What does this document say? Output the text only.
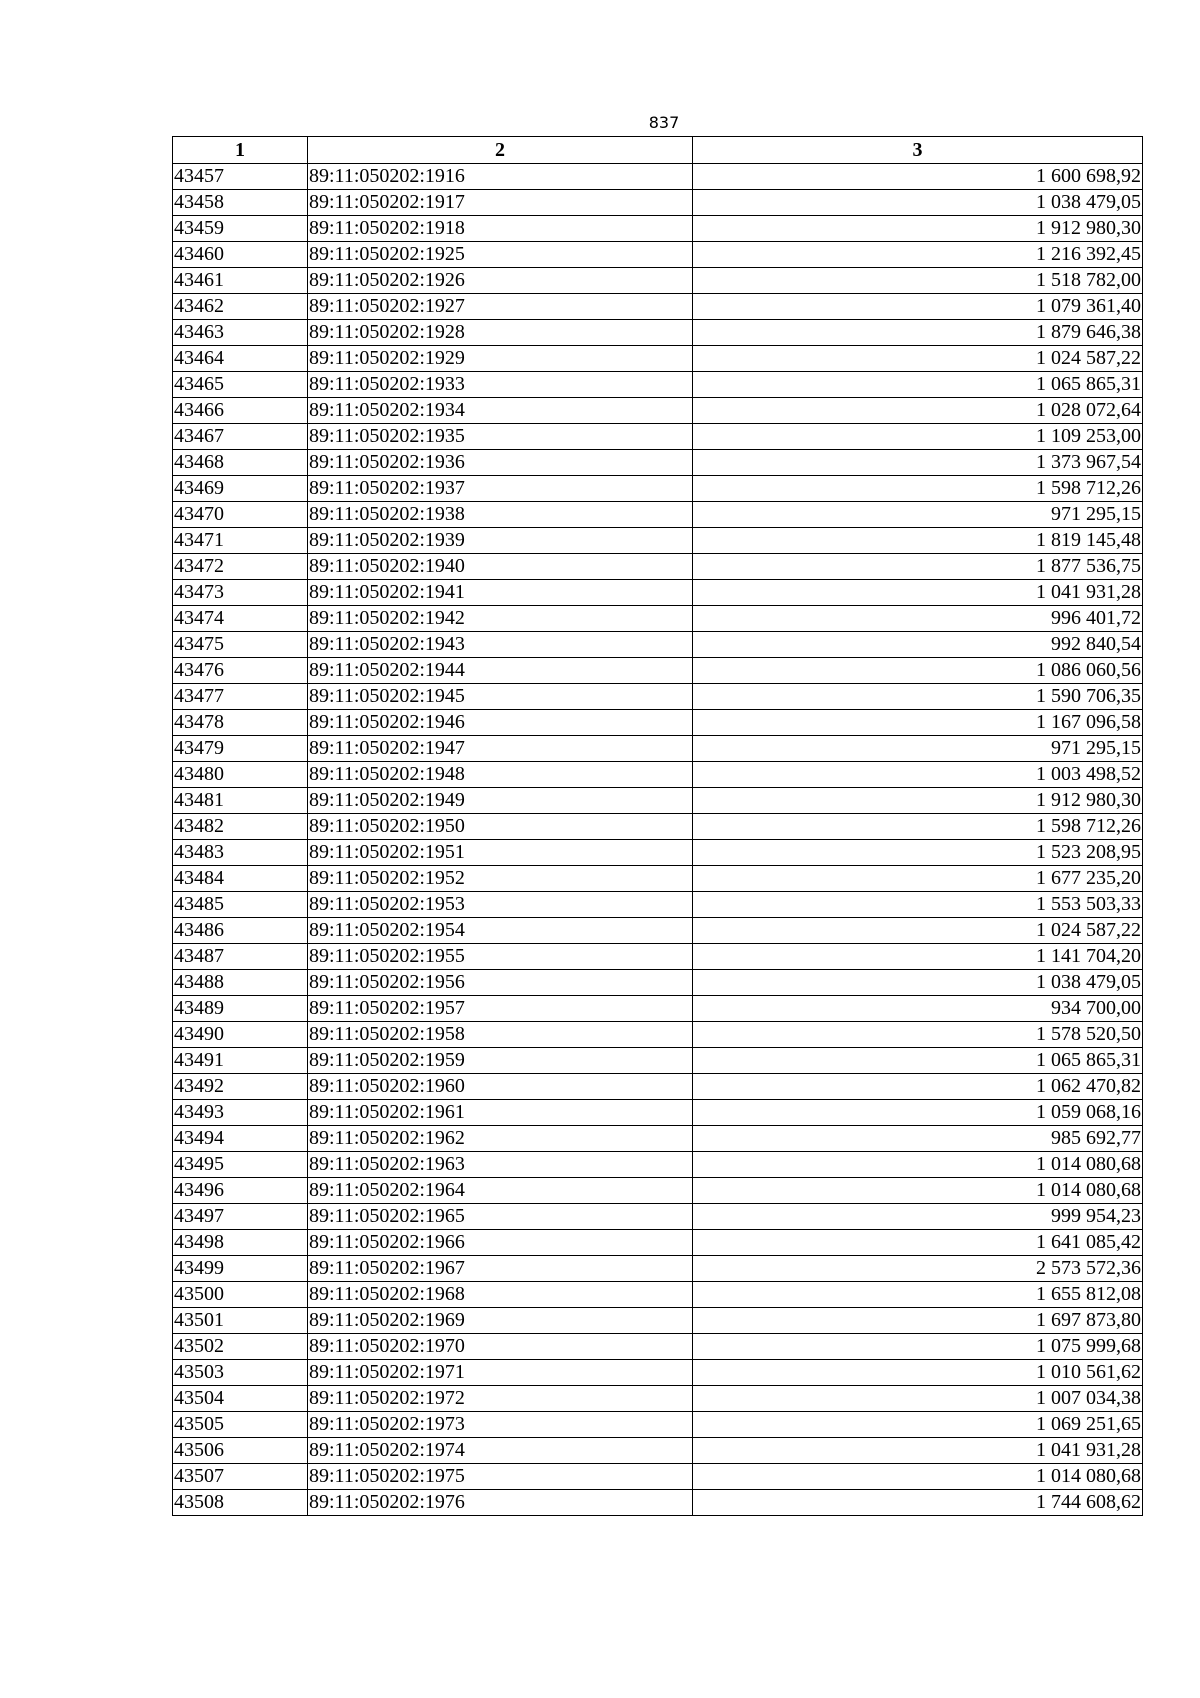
837
1	2	3
43457	89:11:050202:1916	1 600 698,92
43458	89:11:050202:1917	1 038 479,05
43459	89:11:050202:1918	1 912 980,30
43460	89:11:050202:1925	1 216 392,45
43461	89:11:050202:1926	1 518 782,00
43462	89:11:050202:1927	1 079 361,40
43463	89:11:050202:1928	1 879 646,38
43464	89:11:050202:1929	1 024 587,22
43465	89:11:050202:1933	1 065 865,31
43466	89:11:050202:1934	1 028 072,64
43467	89:11:050202:1935	1 109 253,00
43468	89:11:050202:1936	1 373 967,54
43469	89:11:050202:1937	1 598 712,26
43470	89:11:050202:1938	971 295,15
43471	89:11:050202:1939	1 819 145,48
43472	89:11:050202:1940	1 877 536,75
43473	89:11:050202:1941	1 041 931,28
43474	89:11:050202:1942	996 401,72
43475	89:11:050202:1943	992 840,54
43476	89:11:050202:1944	1 086 060,56
43477	89:11:050202:1945	1 590 706,35
43478	89:11:050202:1946	1 167 096,58
43479	89:11:050202:1947	971 295,15
43480	89:11:050202:1948	1 003 498,52
43481	89:11:050202:1949	1 912 980,30
43482	89:11:050202:1950	1 598 712,26
43483	89:11:050202:1951	1 523 208,95
43484	89:11:050202:1952	1 677 235,20
43485	89:11:050202:1953	1 553 503,33
43486	89:11:050202:1954	1 024 587,22
43487	89:11:050202:1955	1 141 704,20
43488	89:11:050202:1956	1 038 479,05
43489	89:11:050202:1957	934 700,00
43490	89:11:050202:1958	1 578 520,50
43491	89:11:050202:1959	1 065 865,31
43492	89:11:050202:1960	1 062 470,82
43493	89:11:050202:1961	1 059 068,16
43494	89:11:050202:1962	985 692,77
43495	89:11:050202:1963	1 014 080,68
43496	89:11:050202:1964	1 014 080,68
43497	89:11:050202:1965	999 954,23
43498	89:11:050202:1966	1 641 085,42
43499	89:11:050202:1967	2 573 572,36
43500	89:11:050202:1968	1 655 812,08
43501	89:11:050202:1969	1 697 873,80
43502	89:11:050202:1970	1 075 999,68
43503	89:11:050202:1971	1 010 561,62
43504	89:11:050202:1972	1 007 034,38
43505	89:11:050202:1973	1 069 251,65
43506	89:11:050202:1974	1 041 931,28
43507	89:11:050202:1975	1 014 080,68
43508	89:11:050202:1976	1 744 608,62
